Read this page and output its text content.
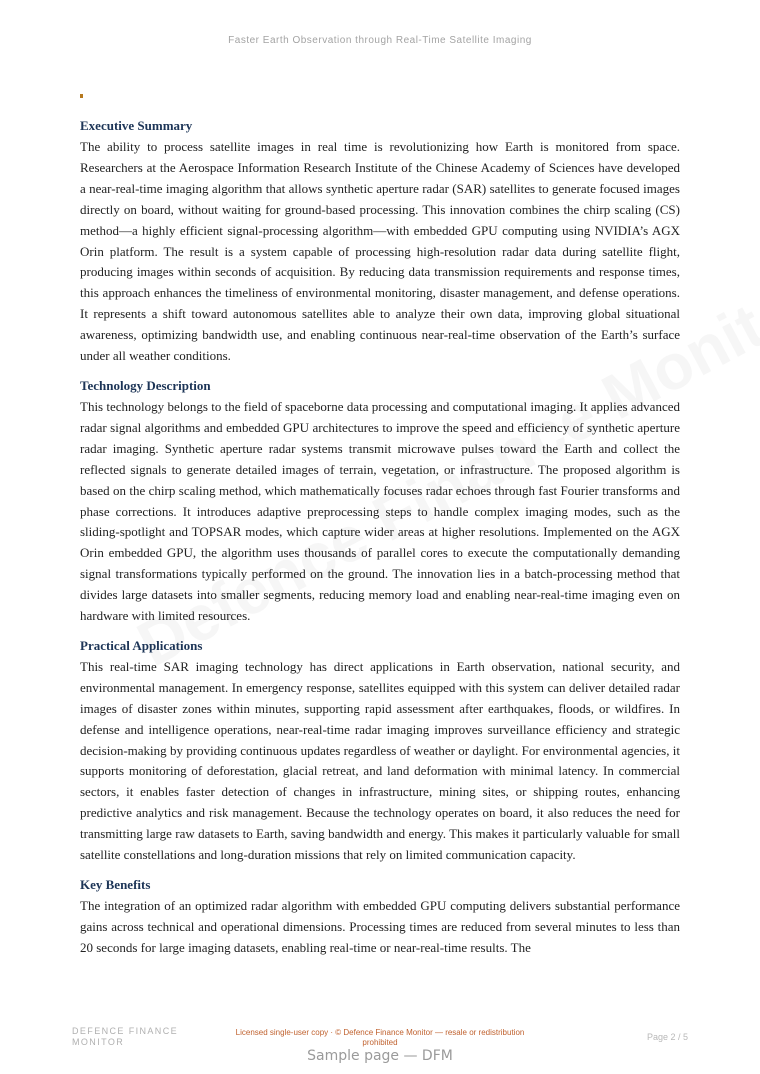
Faster Earth Observation through Real-Time Satellite Imaging
Executive Summary

The ability to process satellite images in real time is revolutionizing how Earth is monitored from space. Researchers at the Aerospace Information Research Institute of the Chinese Academy of Sciences have developed a near-real-time imaging algorithm that allows synthetic aperture radar (SAR) satellites to generate focused images directly on board, without waiting for ground-based processing. This innovation combines the chirp scaling (CS) method—a highly efficient signal-processing algorithm—with embedded GPU computing using NVIDIA’s AGX Orin platform. The result is a system capable of processing high-resolution radar data during satellite flight, producing images within seconds of acquisition. By reducing data transmission requirements and response times, this approach enhances the timeliness of environmental monitoring, disaster management, and defense operations. It represents a shift toward autonomous satellites able to analyze their own data, improving global situational awareness, optimizing bandwidth use, and enabling continuous near-real-time observation of the Earth’s surface under all weather conditions.

Technology Description

This technology belongs to the field of spaceborne data processing and computational imaging. It applies advanced radar signal algorithms and embedded GPU architectures to improve the speed and efficiency of synthetic aperture radar imaging. Synthetic aperture radar systems transmit microwave pulses toward the Earth and collect the reflected signals to generate detailed images of terrain, vegetation, or infrastructure. The proposed algorithm is based on the chirp scaling method, which mathematically focuses radar echoes through fast Fourier transforms and phase corrections. It introduces adaptive preprocessing steps to handle complex imaging modes, such as the sliding-spotlight and TOPSAR modes, which capture wider areas at higher resolutions. Implemented on the AGX Orin embedded GPU, the algorithm uses thousands of parallel cores to execute the computationally demanding signal transformations typically performed on the ground. The innovation lies in a batch-processing method that divides large datasets into smaller segments, reducing memory load and enabling near-real-time imaging even on hardware with limited resources.

Practical Applications

This real-time SAR imaging technology has direct applications in Earth observation, national security, and environmental management. In emergency response, satellites equipped with this system can deliver detailed radar images of disaster zones within minutes, supporting rapid assessment after earthquakes, floods, or wildfires. In defense and intelligence operations, near-real-time radar imaging improves surveillance efficiency and strategic decision-making by providing continuous updates regardless of weather or daylight. For environmental agencies, it supports monitoring of deforestation, glacial retreat, and land deformation with minimal latency. In commercial sectors, it enables faster detection of changes in infrastructure, mining sites, or shipping routes, enhancing predictive analytics and risk management. Because the technology operates on board, it also reduces the need for transmitting large raw datasets to Earth, saving bandwidth and energy. This makes it particularly valuable for small satellite constellations and long-duration missions that rely on limited communication capacity.

Key Benefits

The integration of an optimized radar algorithm with embedded GPU computing delivers substantial performance gains across technical and operational dimensions. Processing times are reduced from several minutes to less than 20 seconds for large imaging datasets, enabling real-time or near-real-time results. The

DEFENCE FINANCE
MONITOR
Licensed single-user copy · © Defence Finance Monitor — resale or redistribution prohibited
Page 2 / 5
Sample page — DFM
